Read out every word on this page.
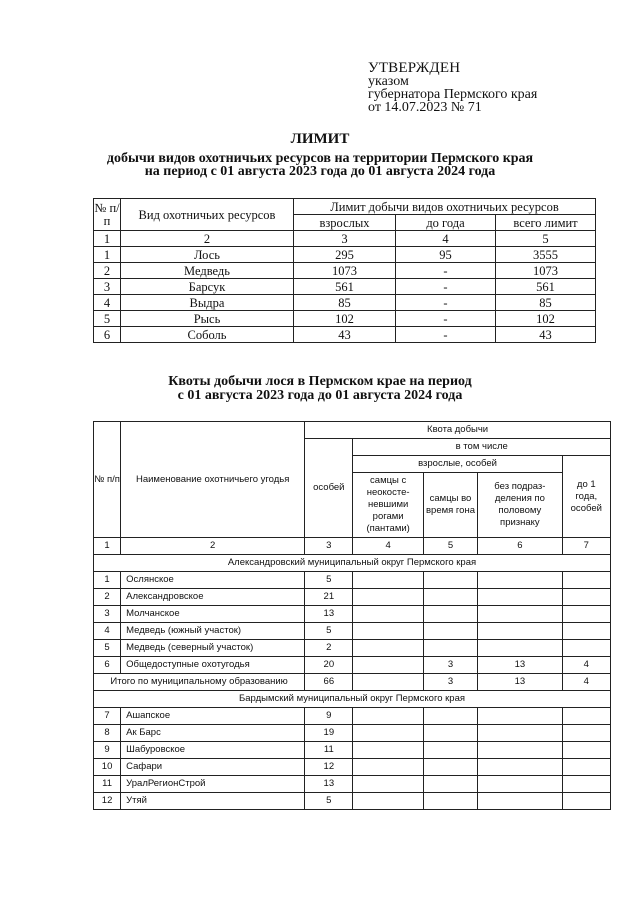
УТВЕРЖДЕН
указом
губернатора Пермского края
от 14.07.2023 № 71
ЛИМИТ
добычи видов охотничьих ресурсов на территории Пермского края
на период с 01 августа 2023 года до 01 августа 2024 года
№ п/п	Вид охотничьих ресурсов	Лимит добычи видов охотничьих ресурсов		
		взрослых	до года	всего лимит
1	2	3	4	5
1	Лось	295	95	3555
2	Медведь	1073	-	1073
3	Барсук	561	-	561
4	Выдра	85	-	85
5	Рысь	102	-	102
6	Соболь	43	-	43
Квоты добычи лося в Пермском крае на период
с 01 августа 2023 года до 01 августа 2024 года
№ п/п	Наименование охотничьего угодья	Квота добычи				
		особей	в том числе			
			взрослые, особей			до 1 года, особей
			самцы с неокосте-невшими рогами (пантами)	самцы во время гона	без подраз-деления по половому признаку	
1	2	3	4	5	6	7
Александровский муниципальный округ Пермского края						
1	Ослянское	5				
2	Александровское	21				
3	Молчанское	13				
4	Медведь (южный участок)	5				
5	Медведь (северный участок)	2				
6	Общедоступные охотугодья	20		3	13	4
Итого по муниципальному образованию		66		3	13	4
Бардымский муниципальный округ Пермского края						
7	Ашапское	9				
8	Ак Барс	19				
9	Шабуровское	11				
10	Сафари	12				
11	УралРегионСтрой	13				
12	Утяй	5				
